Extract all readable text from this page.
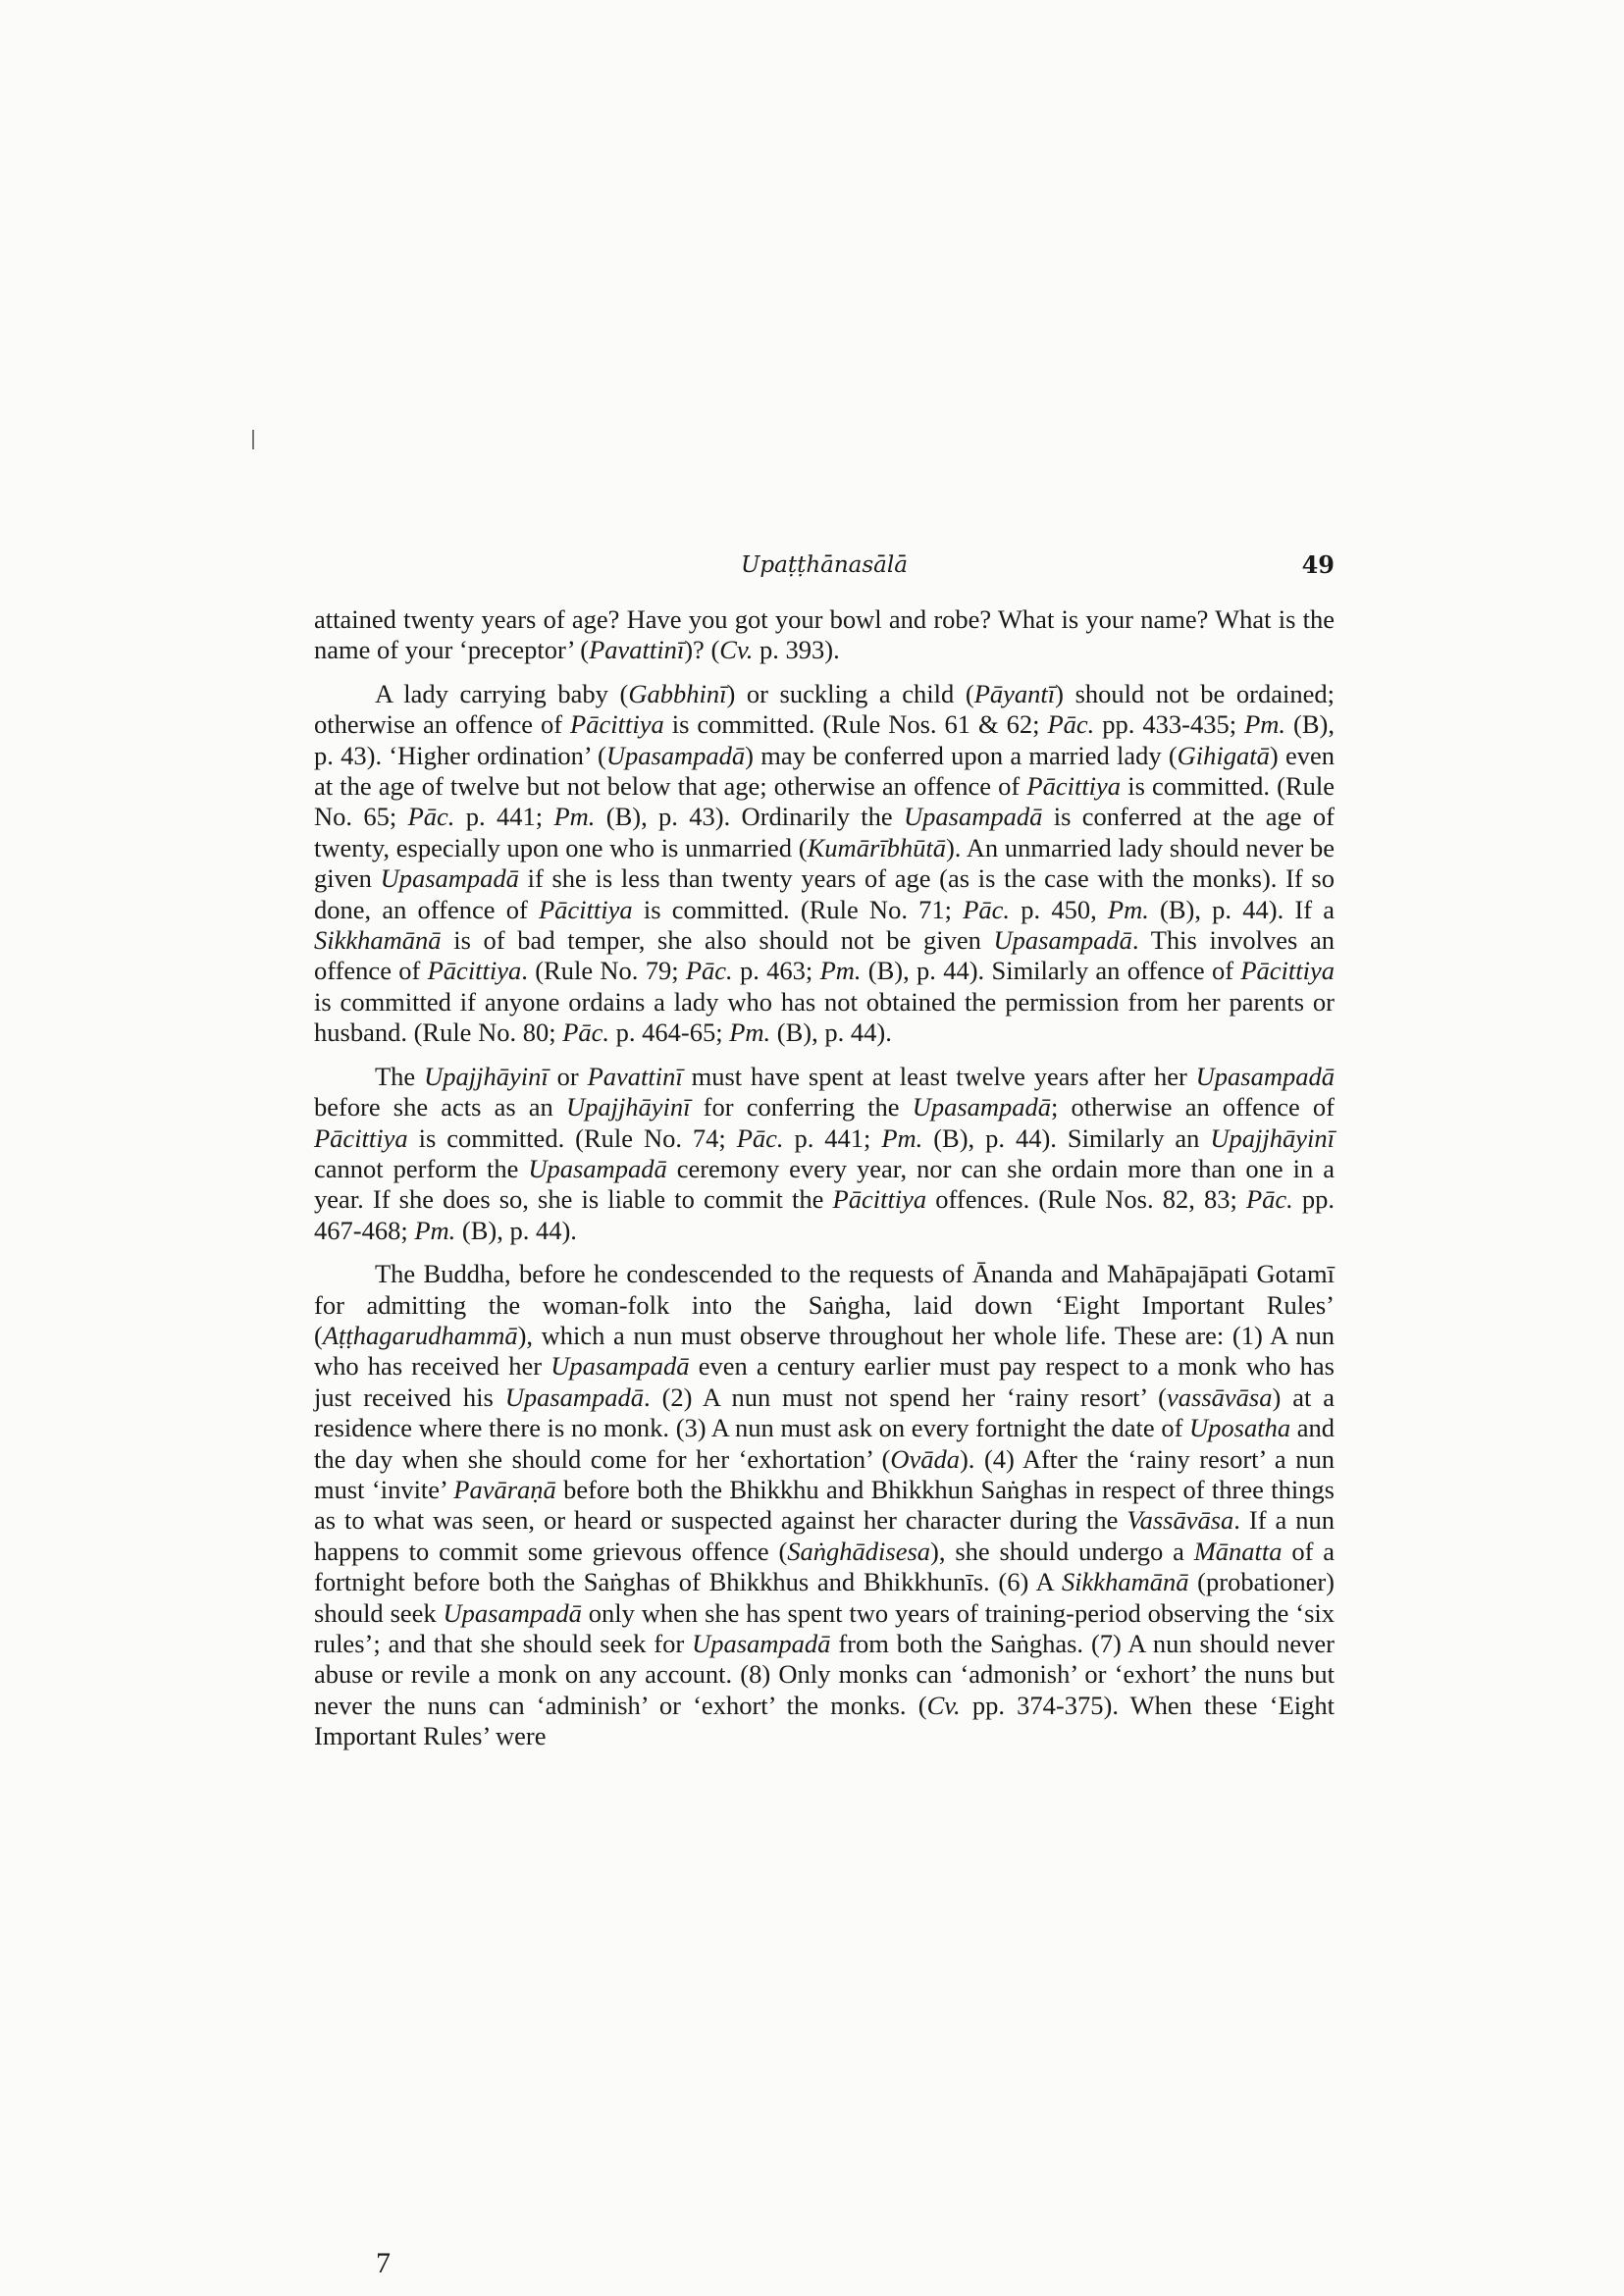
Upaṭṭhānasālā	49

attained twenty years of age? Have you got your bowl and robe? What is your name? What is the name of your ‘preceptor’ (Pavattinī)? (Cv. p. 393).

A lady carrying baby (Gabbhinī) or suckling a child (Pāyantī) should not be ordained; otherwise an offence of Pācittiya is committed. (Rule Nos. 61 & 62; Pāc. pp. 433-435; Pm. (B), p. 43). ‘Higher ordination’ (Upasampadā) may be conferred upon a married lady (Gihigatā) even at the age of twelve but not below that age; otherwise an offence of Pācittiya is committed. (Rule No. 65; Pāc. p. 441; Pm. (B), p. 43). Ordinarily the Upasampadā is conferred at the age of twenty, especially upon one who is unmarried (Kumārībhūtā). An unmarried lady should never be given Upasampadā if she is less than twenty years of age (as is the case with the monks). If so done, an offence of Pācittiya is committed. (Rule No. 71; Pāc. p. 450, Pm. (B), p. 44). If a Sikkhamānā is of bad temper, she also should not be given Upasampadā. This involves an offence of Pācittiya. (Rule No. 79; Pāc. p. 463; Pm. (B), p. 44). Similarly an offence of Pācittiya is committed if anyone ordains a lady who has not obtained the permission from her parents or husband. (Rule No. 80; Pāc. p. 464-65; Pm. (B), p. 44).

The Upajjhāyinī or Pavattinī must have spent at least twelve years after her Upasampadā before she acts as an Upajjhāyinī for conferring the Upasampadā; otherwise an offence of Pācittiya is committed. (Rule No. 74; Pāc. p. 441; Pm. (B), p. 44). Similarly an Upajjhāyinī cannot perform the Upasampadā ceremony every year, nor can she ordain more than one in a year. If she does so, she is liable to commit the Pācittiya offences. (Rule Nos. 82, 83; Pāc. pp. 467-468; Pm. (B), p. 44).

The Buddha, before he condescended to the requests of Ānanda and Mahāpajāpati Gotamī for admitting the woman-folk into the Saṅgha, laid down ‘Eight Important Rules’ (Aṭṭhagarudhammā), which a nun must observe throughout her whole life. These are: (1) A nun who has received her Upasampadā even a century earlier must pay respect to a monk who has just received his Upasampadā. (2) A nun must not spend her ‘rainy resort’ (vassāvāsa) at a residence where there is no monk. (3) A nun must ask on every fortnight the date of Uposatha and the day when she should come for her ‘exhortation’ (Ovāda). (4) After the ‘rainy resort’ a nun must ‘invite’ Pavāraṇā before both the Bhikkhu and Bhikkhun Saṅghas in respect of three things as to what was seen, or heard or suspected against her character during the Vassāvāsa. If a nun happens to commit some grievous offence (Saṅghādisesa), she should undergo a Mānatta of a fortnight before both the Saṅghas of Bhikkhus and Bhikkhunīs. (6) A Sikkhamānā (probationer) should seek Upasampadā only when she has spent two years of training-period observing the ‘six rules’; and that she should seek for Upasampadā from both the Saṅghas. (7) A nun should never abuse or revile a monk on any account. (8) Only monks can ‘admonish’ or ‘exhort’ the nuns but never the nuns can ‘adminish’ or ‘exhort’ the monks. (Cv. pp. 374-375). When these ‘Eight Important Rules’ were

7
